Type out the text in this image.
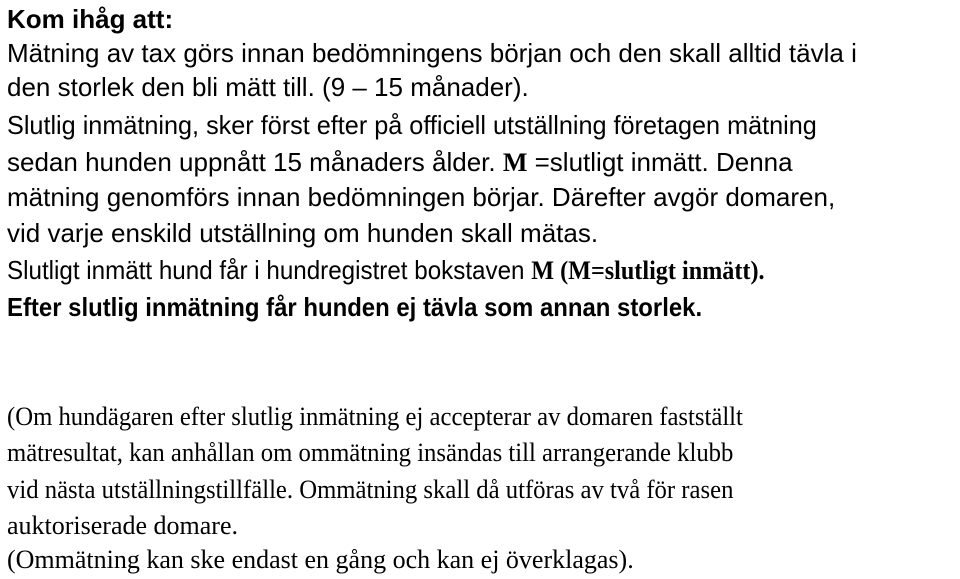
Kom ihåg att:
Mätning av tax görs innan bedömningens början och den skall alltid tävla i
den storlek den bli mätt till. (9 – 15 månader).
Slutlig inmätning, sker först efter på officiell utställning företagen mätning
sedan hunden uppnått 15 månaders ålder. M =slutligt inmätt. Denna
mätning genomförs innan bedömningen börjar. Därefter avgör domaren,
vid varje enskild utställning om hunden skall mätas.
Slutligt inmätt hund får i hundregistret bokstaven M (M=slutligt inmätt).
Efter slutlig inmätning får hunden ej tävla som annan storlek.
(Om hundägaren efter slutlig inmätning ej accepterar av domaren fastställt
mätresultat, kan anhållan om ommätning insändas till arrangerande klubb
vid nästa utställningstillfälle. Ommätning skall då utföras av två för rasen
auktoriserade domare.
(Ommätning kan ske endast en gång och kan ej överklagas).
